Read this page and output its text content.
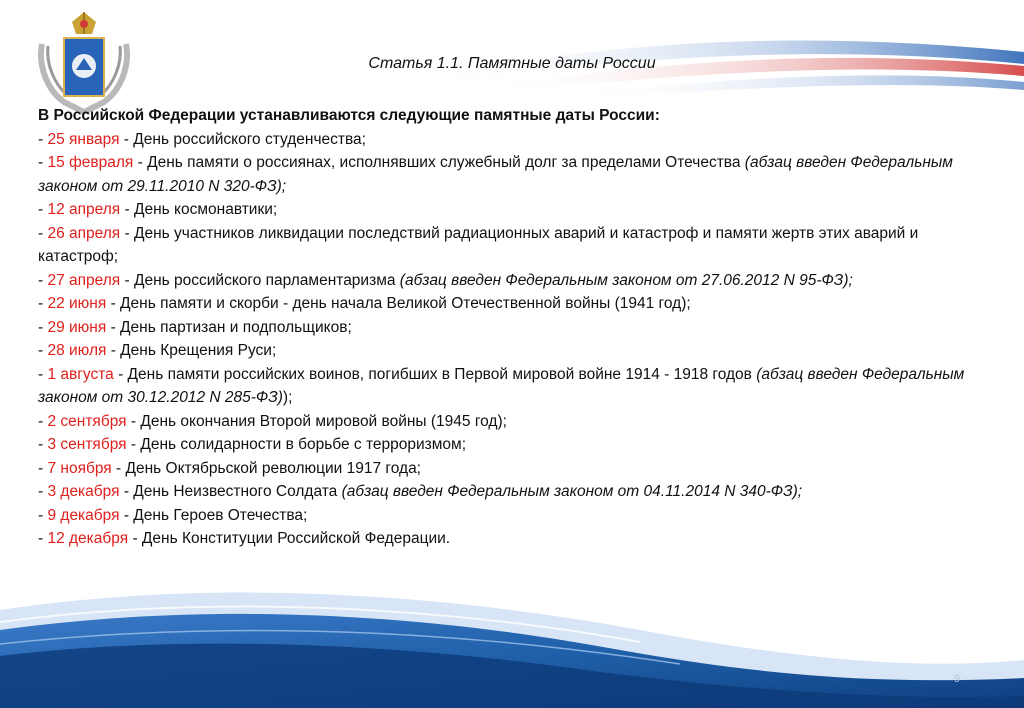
Статья 1.1. Памятные даты России
В Российской Федерации устанавливаются следующие памятные даты России:
- 25 января - День российского студенчества;
- 15 февраля - День памяти о россиянах, исполнявших служебный долг за пределами Отечества (абзац введен Федеральным законом от 29.11.2010 N 320-ФЗ);
- 12 апреля - День космонавтики;
- 26 апреля - День участников ликвидации последствий радиационных аварий и катастроф и памяти жертв этих аварий и катастроф;
- 27 апреля - День российского парламентаризма (абзац введен Федеральным законом от 27.06.2012 N 95-ФЗ);
- 22 июня - День памяти и скорби - день начала Великой Отечественной войны (1941 год);
- 29 июня - День партизан и подпольщиков;
- 28 июля - День Крещения Руси;
- 1 августа - День памяти российских воинов, погибших в Первой мировой войне 1914 - 1918 годов (абзац введен Федеральным законом от 30.12.2012 N 285-ФЗ));
- 2 сентября - День окончания Второй мировой войны (1945 год);
- 3 сентября - День солидарности в борьбе с терроризмом;
- 7 ноября - День Октябрьской революции 1917 года;
- 3 декабря - День Неизвестного Солдата (абзац введен Федеральным законом от 04.11.2014 N 340-ФЗ);
- 9 декабря - День Героев Отечества;
- 12 декабря - День Конституции Российской Федерации.
9
